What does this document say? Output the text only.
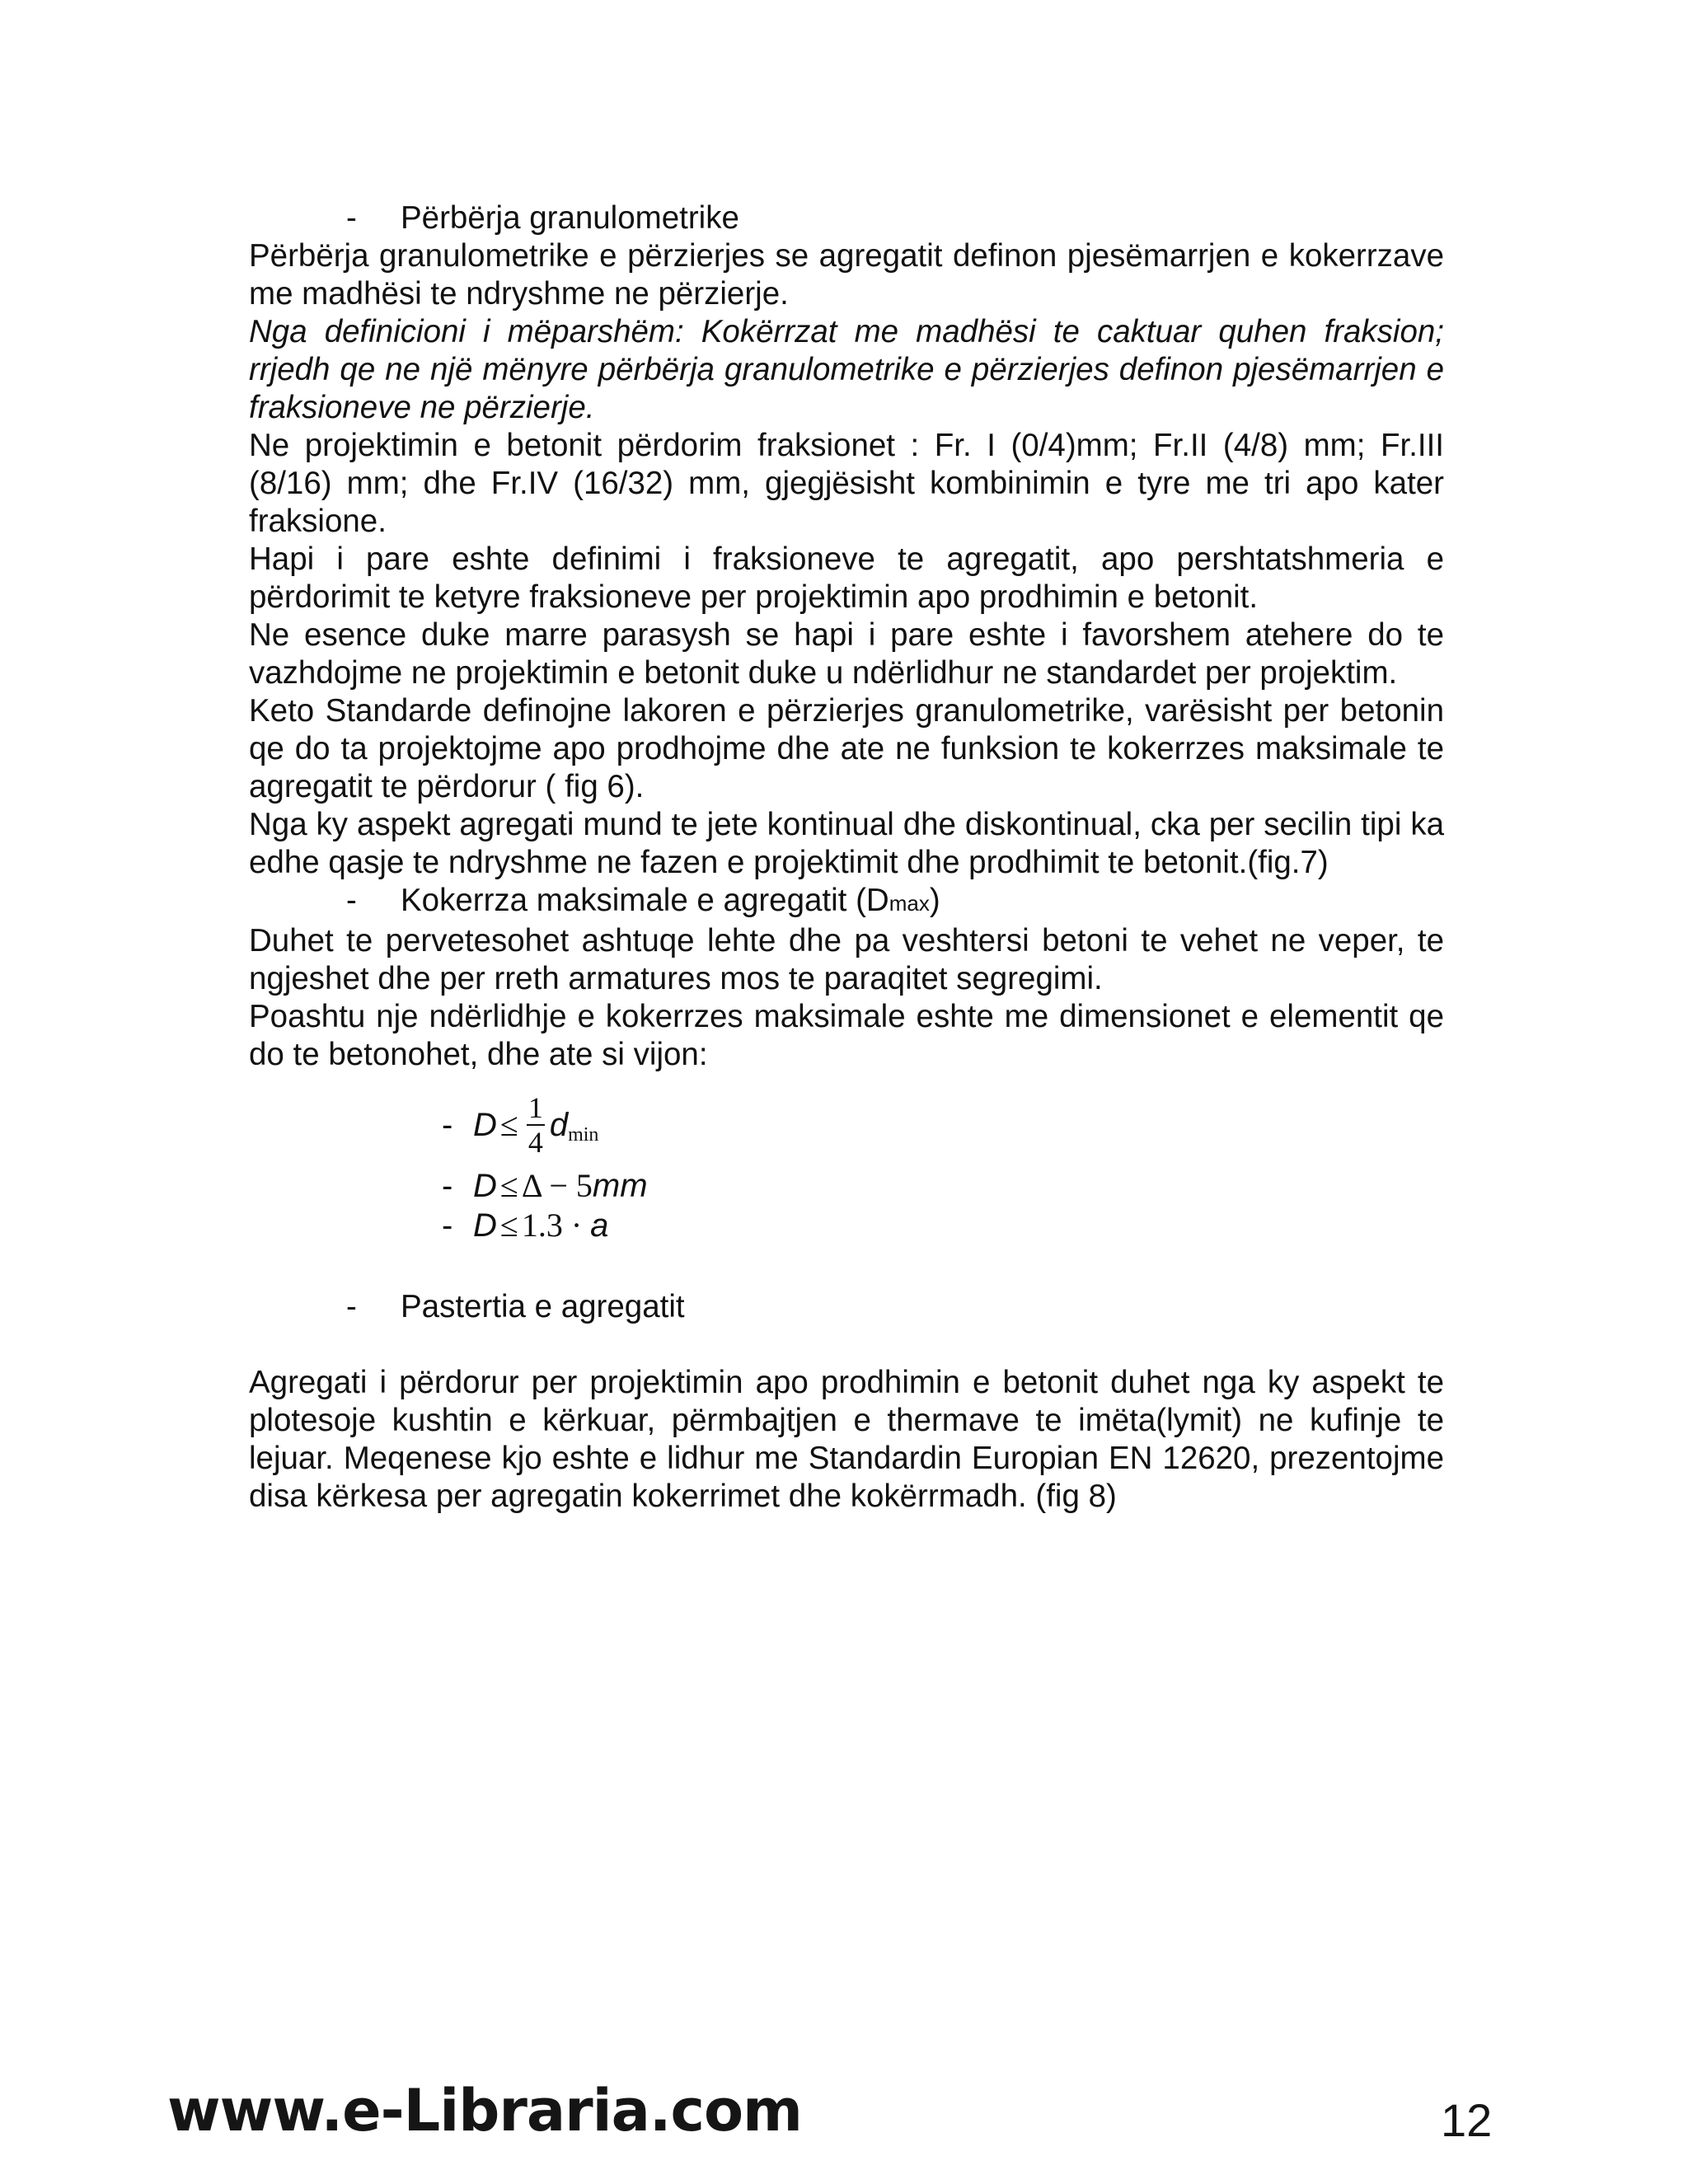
- Përbërja granulometrike

Përbërja granulometrike e përzierjes se agregatit definon pjesëmarrjen e kokerrzave me madhësi te ndryshme ne përzierje.

Nga definicioni i mëparshëm: Kokërrzat me madhësi te caktuar quhen fraksion; rrjedh qe ne një mënyre përbërja granulometrike e përzierjes definon pjesëmarrjen e fraksioneve ne përzierje.

Ne projektimin e betonit përdorim fraksionet : Fr. I (0/4)mm; Fr.II (4/8) mm; Fr.III (8/16) mm; dhe Fr.IV (16/32) mm, gjegjësisht kombinimin e tyre me tri apo kater fraksione.

Hapi i pare eshte definimi i fraksioneve te agregatit, apo pershtatshmeria e përdorimit te ketyre fraksioneve per projektimin apo prodhimin e betonit.

Ne esence duke marre parasysh se hapi i pare eshte i favorshem atehere do te vazhdojme ne projektimin e betonit duke u ndërlidhur ne standardet per projektim.

Keto Standarde definojne lakoren e përzierjes granulometrike, varësisht per betonin qe do ta projektojme apo prodhojme dhe ate ne funksion te kokerrzes maksimale te agregatit te përdorur ( fig 6).

Nga ky aspekt agregati mund te jete kontinual dhe diskontinual, cka per secilin tipi ka edhe qasje te ndryshme ne fazen e projektimit dhe prodhimit te betonit.(fig.7)

- Kokerrza maksimale e agregatit (Dmax)

Duhet te pervetesohet ashtuqe lehte dhe pa veshtersi betoni te vehet ne veper, te ngjeshet dhe per rreth armatures mos te paraqitet segregimi.

Poashtu nje ndërlidhje e kokerrzes maksimale eshte me dimensionet e elementit qe do te betonohet, dhe ate si vijon:

- $D \le \frac{1}{4}$ d min
- D ≤ Δ − 5 mm
- D ≤ 1.3 ·
a

- Pastertia e agregatit

Agregati i përdorur per projektimin apo prodhimin e betonit duhet nga ky aspekt te plotesoje kushtin e kërkuar, përmbajtjen e thermave te imëta(lymit) ne kufinje te lejuar. Meqenese kjo eshte e lidhur me Standardin Europian EN 12620, prezentojme disa kërkesa per agregatin kokerrimet dhe kokërrmadh. (fig 8)

www.e-Libraria.com	12
